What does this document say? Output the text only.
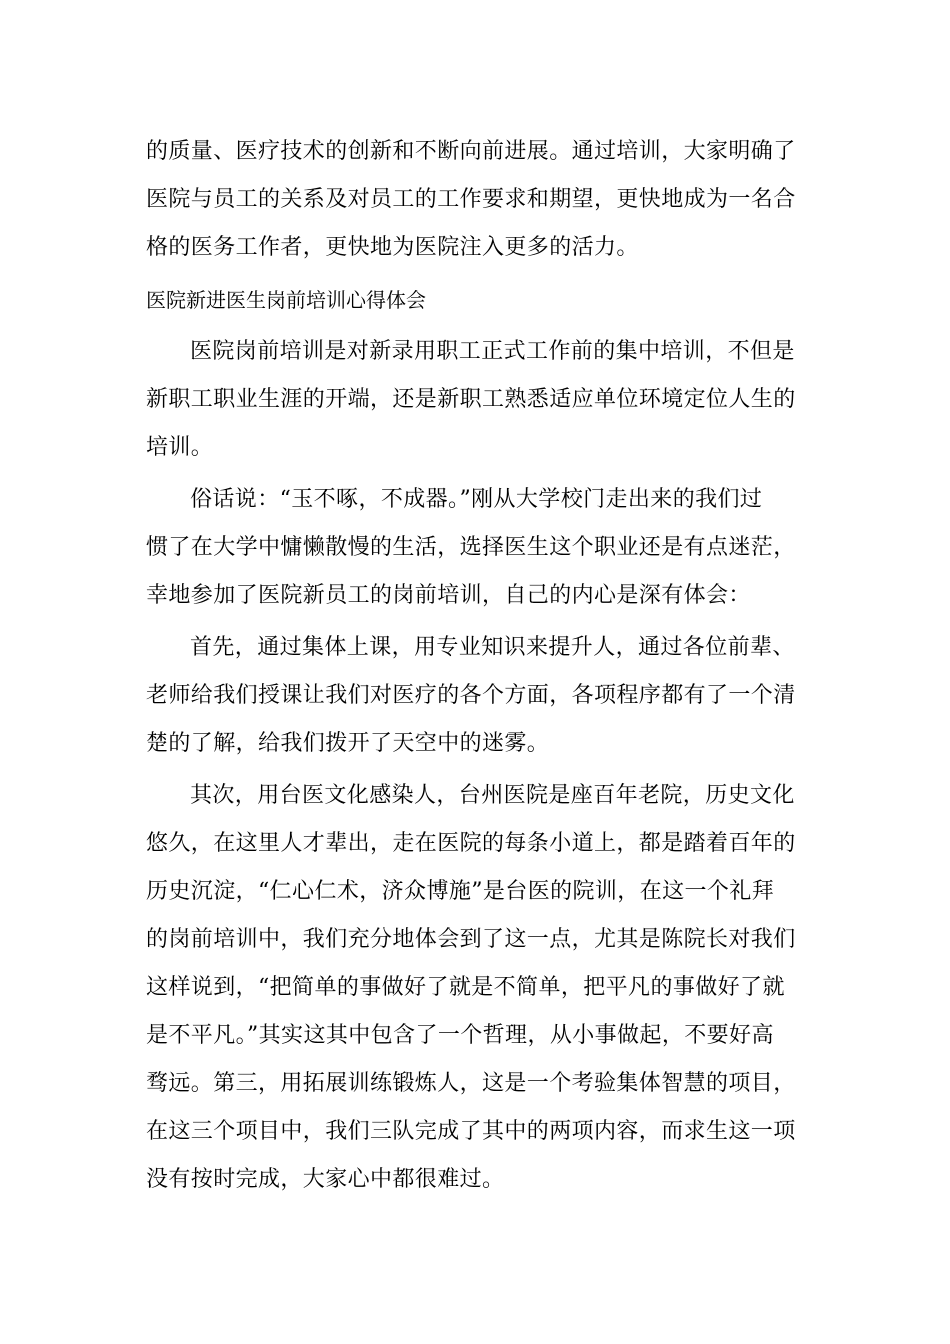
的质量、医疗技术的创新和不断向前进展。通过培训，大家明确了
医院与员工的关系及对员工的工作要求和期望，更快地成为一名合
格的医务工作者，更快地为医院注入更多的活力。
医院新进医生岗前培训心得体会
医院岗前培训是对新录用职工正式工作前的集中培训，不但是
新职工职业生涯的开端，还是新职工熟悉适应单位环境定位人生的
培训。
俗话说：“玉不啄，不成器。”刚从大学校门走出来的我们过
惯了在大学中慵懒散慢的生活，选择医生这个职业还是有点迷茫，
幸地参加了医院新员工的岗前培训，自己的内心是深有体会：
首先，通过集体上课，用专业知识来提升人，通过各位前辈、
老师给我们授课让我们对医疗的各个方面，各项程序都有了一个清
楚的了解，给我们拨开了天空中的迷雾。
其次，用台医文化感染人，台州医院是座百年老院，历史文化
悠久，在这里人才辈出，走在医院的每条小道上，都是踏着百年的
历史沉淀，“仁心仁术，济众博施”是台医的院训，在这一个礼拜
的岗前培训中，我们充分地体会到了这一点，尤其是陈院长对我们
这样说到，“把简单的事做好了就是不简单，把平凡的事做好了就
是不平凡。”其实这其中包含了一个哲理，从小事做起，不要好高
骛远。第三，用拓展训练锻炼人，这是一个考验集体智慧的项目，
在这三个项目中，我们三队完成了其中的两项内容，而求生这一项
没有按时完成，大家心中都很难过。
